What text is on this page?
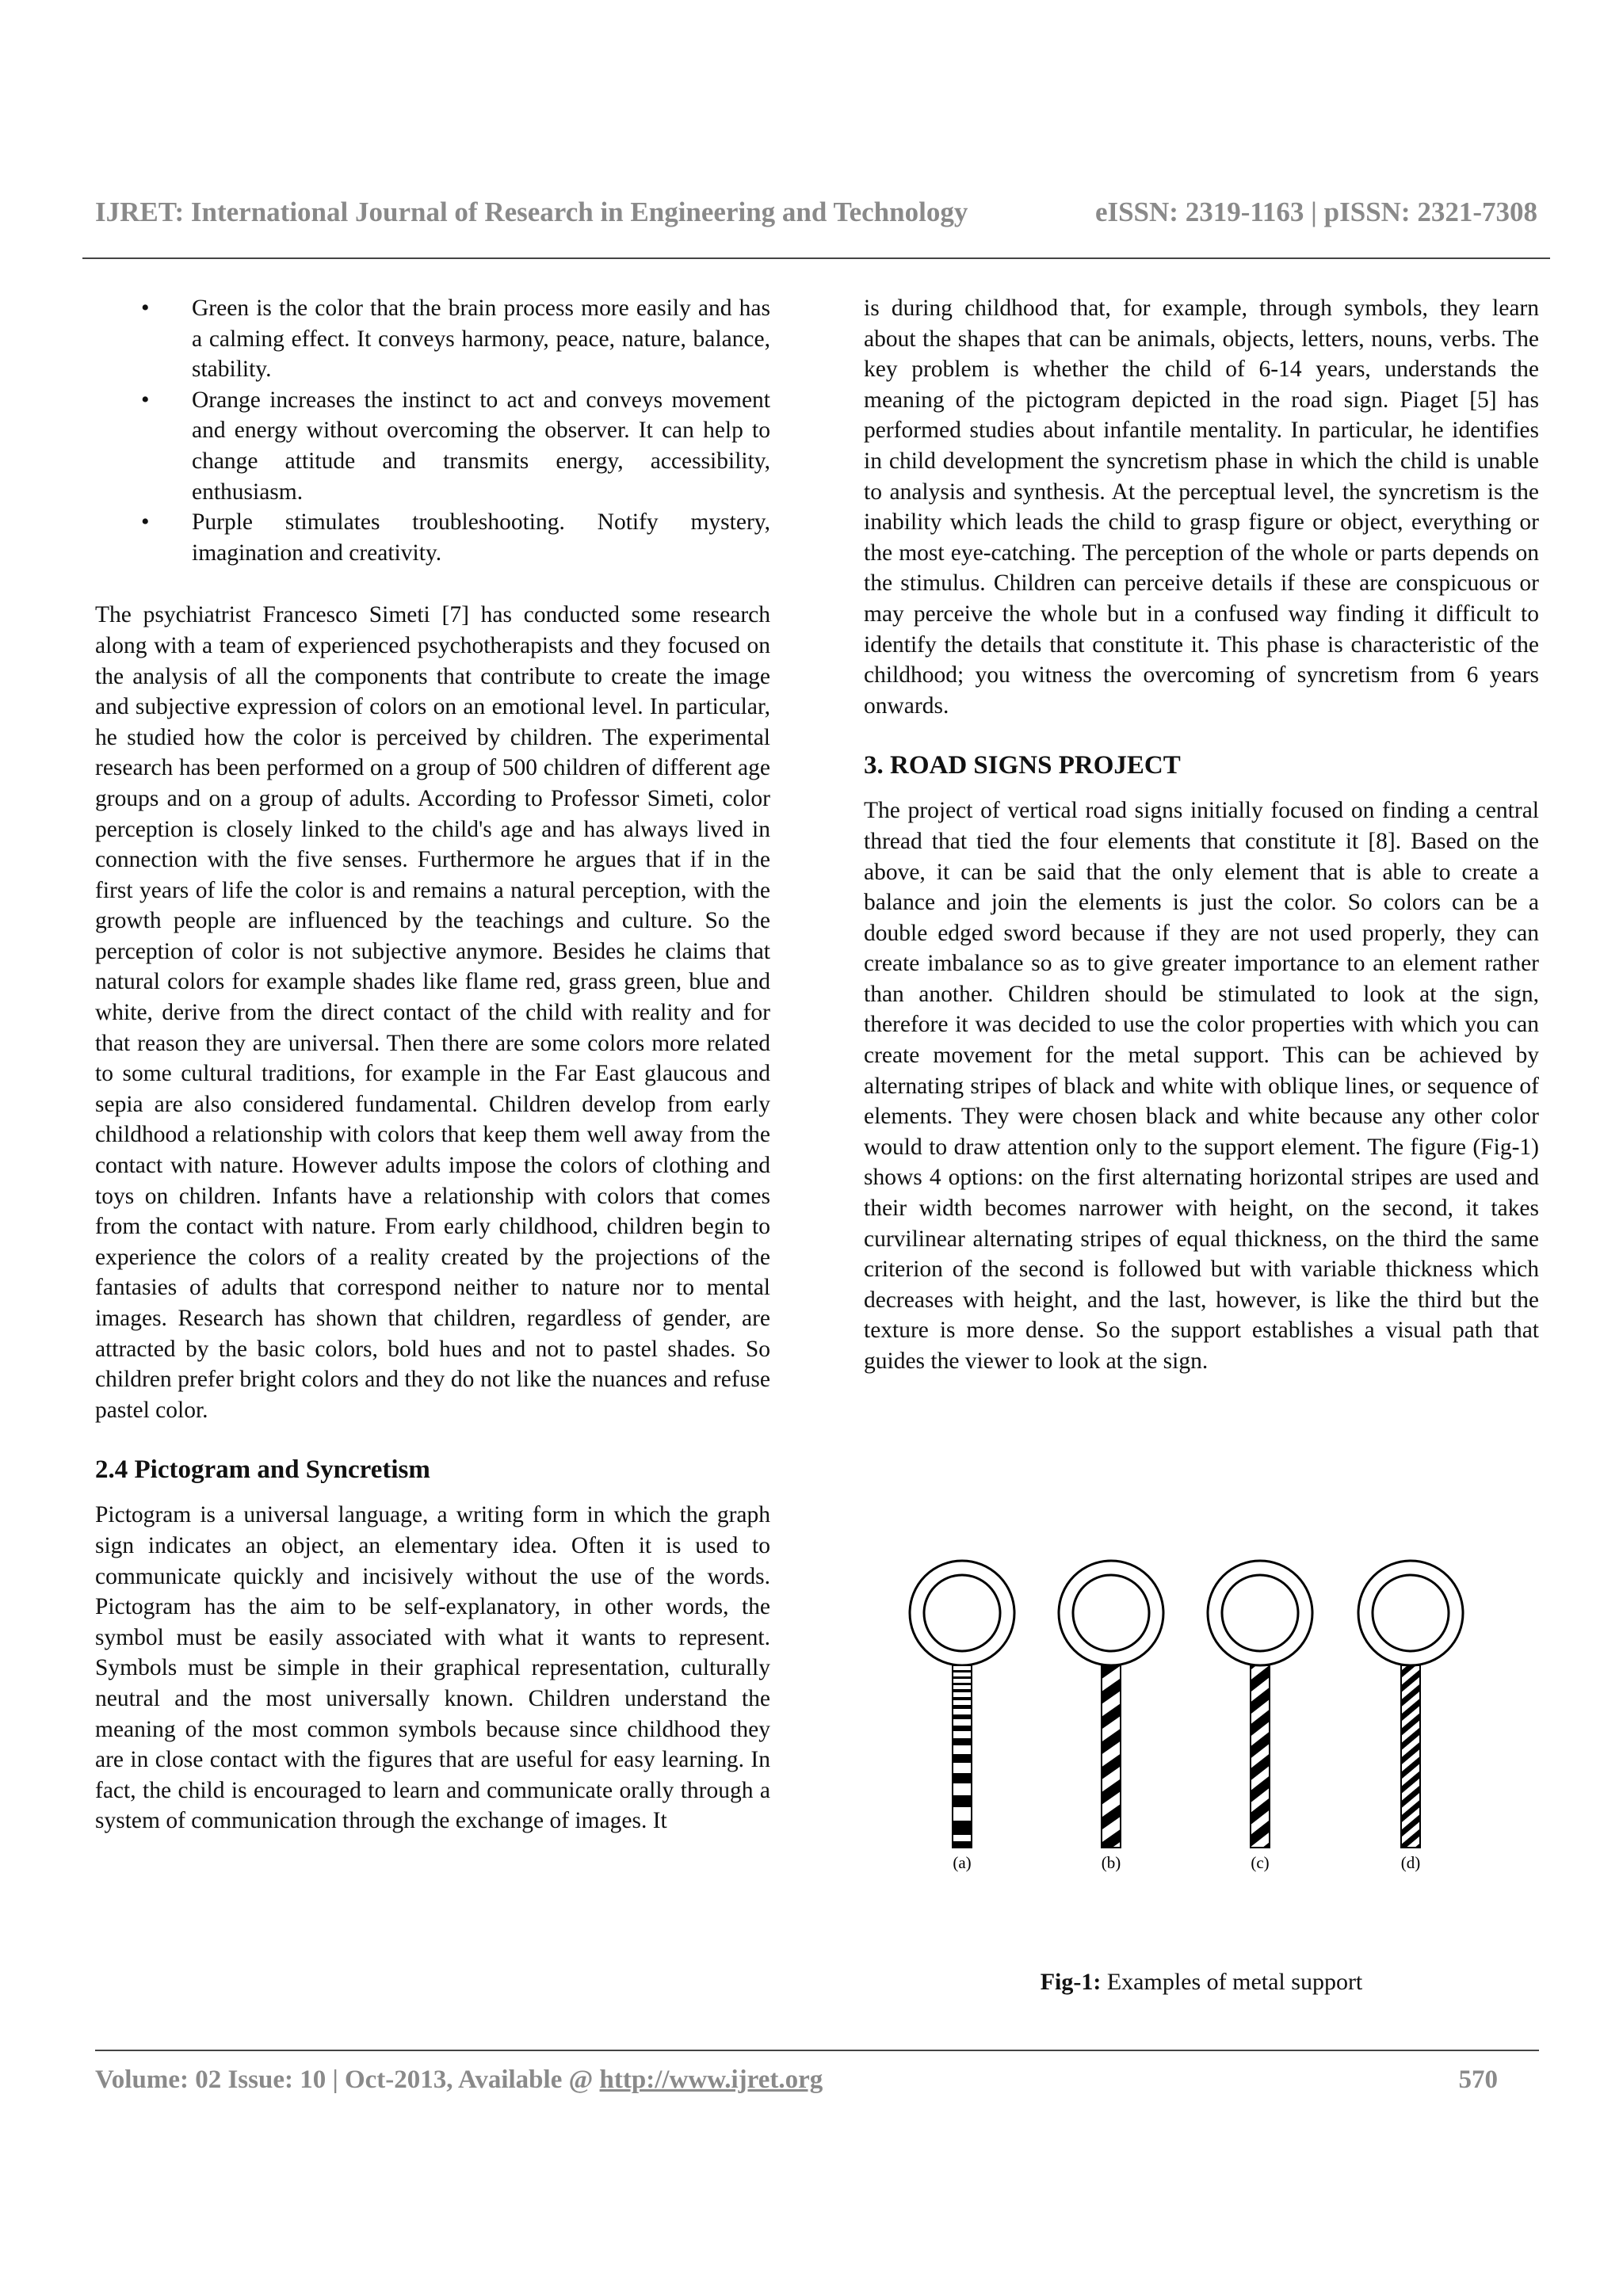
IJRET: International Journal of Research in Engineering and Technology	eISSN: 2319-1163 | pISSN: 2321-7308
• Green is the color that the brain process more easily and has a calming effect. It conveys harmony, peace, nature, balance, stability.
• Orange increases the instinct to act and conveys movement and energy without overcoming the observer. It can help to change attitude and transmits energy, accessibility, enthusiasm.
• Purple stimulates troubleshooting. Notify mystery, imagination and creativity.

The psychiatrist Francesco Simeti [7] has conducted some research along with a team of experienced psychotherapists and they focused on the analysis of all the components that contribute to create the image and subjective expression of colors on an emotional level. In particular, he studied how the color is perceived by children. The experimental research has been performed on a group of 500 children of different age groups and on a group of adults. According to Professor Simeti, color perception is closely linked to the child's age and has always lived in connection with the five senses. Furthermore he argues that if in the first years of life the color is and remains a natural perception, with the growth people are influenced by the teachings and culture. So the perception of color is not subjective anymore. Besides he claims that natural colors for example shades like flame red, grass green, blue and white, derive from the direct contact of the child with reality and for that reason they are universal. Then there are some colors more related to some cultural traditions, for example in the Far East glaucous and sepia are also considered fundamental. Children develop from early childhood a relationship with colors that keep them well away from the contact with nature. However adults impose the colors of clothing and toys on children. Infants have a relationship with colors that comes from the contact with nature. From early childhood, children begin to experience the colors of a reality created by the projections of the fantasies of adults that correspond neither to nature nor to mental images. Research has shown that children, regardless of gender, are attracted by the basic colors, bold hues and not to pastel shades. So children prefer bright colors and they do not like the nuances and refuse pastel color.

2.4 Pictogram and Syncretism

Pictogram is a universal language, a writing form in which the graph sign indicates an object, an elementary idea. Often it is used to communicate quickly and incisively without the use of the words. Pictogram has the aim to be self-explanatory, in other words, the symbol must be easily associated with what it wants to represent. Symbols must be simple in their graphical representation, culturally neutral and the most universally known. Children understand the meaning of the most common symbols because since childhood they are in close contact with the figures that are useful for easy learning. In fact, the child is encouraged to learn and communicate orally through a system of communication through the exchange of images. It

is during childhood that, for example, through symbols, they learn about the shapes that can be animals, objects, letters, nouns, verbs. The key problem is whether the child of 6-14 years, understands the meaning of the pictogram depicted in the road sign. Piaget [5] has performed studies about infantile mentality. In particular, he identifies in child development the syncretism phase in which the child is unable to analysis and synthesis. At the perceptual level, the syncretism is the inability which leads the child to grasp figure or object, everything or the most eye-catching. The perception of the whole or parts depends on the stimulus. Children can perceive details if these are conspicuous or may perceive the whole but in a confused way finding it difficult to identify the details that constitute it. This phase is characteristic of the childhood; you witness the overcoming of syncretism from 6 years onwards.

3. ROAD SIGNS PROJECT

The project of vertical road signs initially focused on finding a central thread that tied the four elements that constitute it [8]. Based on the above, it can be said that the only element that is able to create a balance and join the elements is just the color. So colors can be a double edged sword because if they are not used properly, they can create imbalance so as to give greater importance to an element rather than another. Children should be stimulated to look at the sign, therefore it was decided to use the color properties with which you can create movement for the metal support. This can be achieved by alternating stripes of black and white with oblique lines, or sequence of elements. They were chosen black and white because any other color would to draw attention only to the support element. The figure (Fig-1) shows 4 options: on the first alternating horizontal stripes are used and their width becomes narrower with height, on the second, it takes curvilinear alternating stripes of equal thickness, on the third the same criterion of the second is followed but with variable thickness which decreases with height, and the last, however, is like the third but the texture is more dense. So the support establishes a visual path that guides the viewer to look at the sign.

(a)	(b)	(c)	(d)
Fig-1: Examples of metal support
Volume: 02 Issue: 10 | Oct-2013, Available @ http://www.ijret.org	570
